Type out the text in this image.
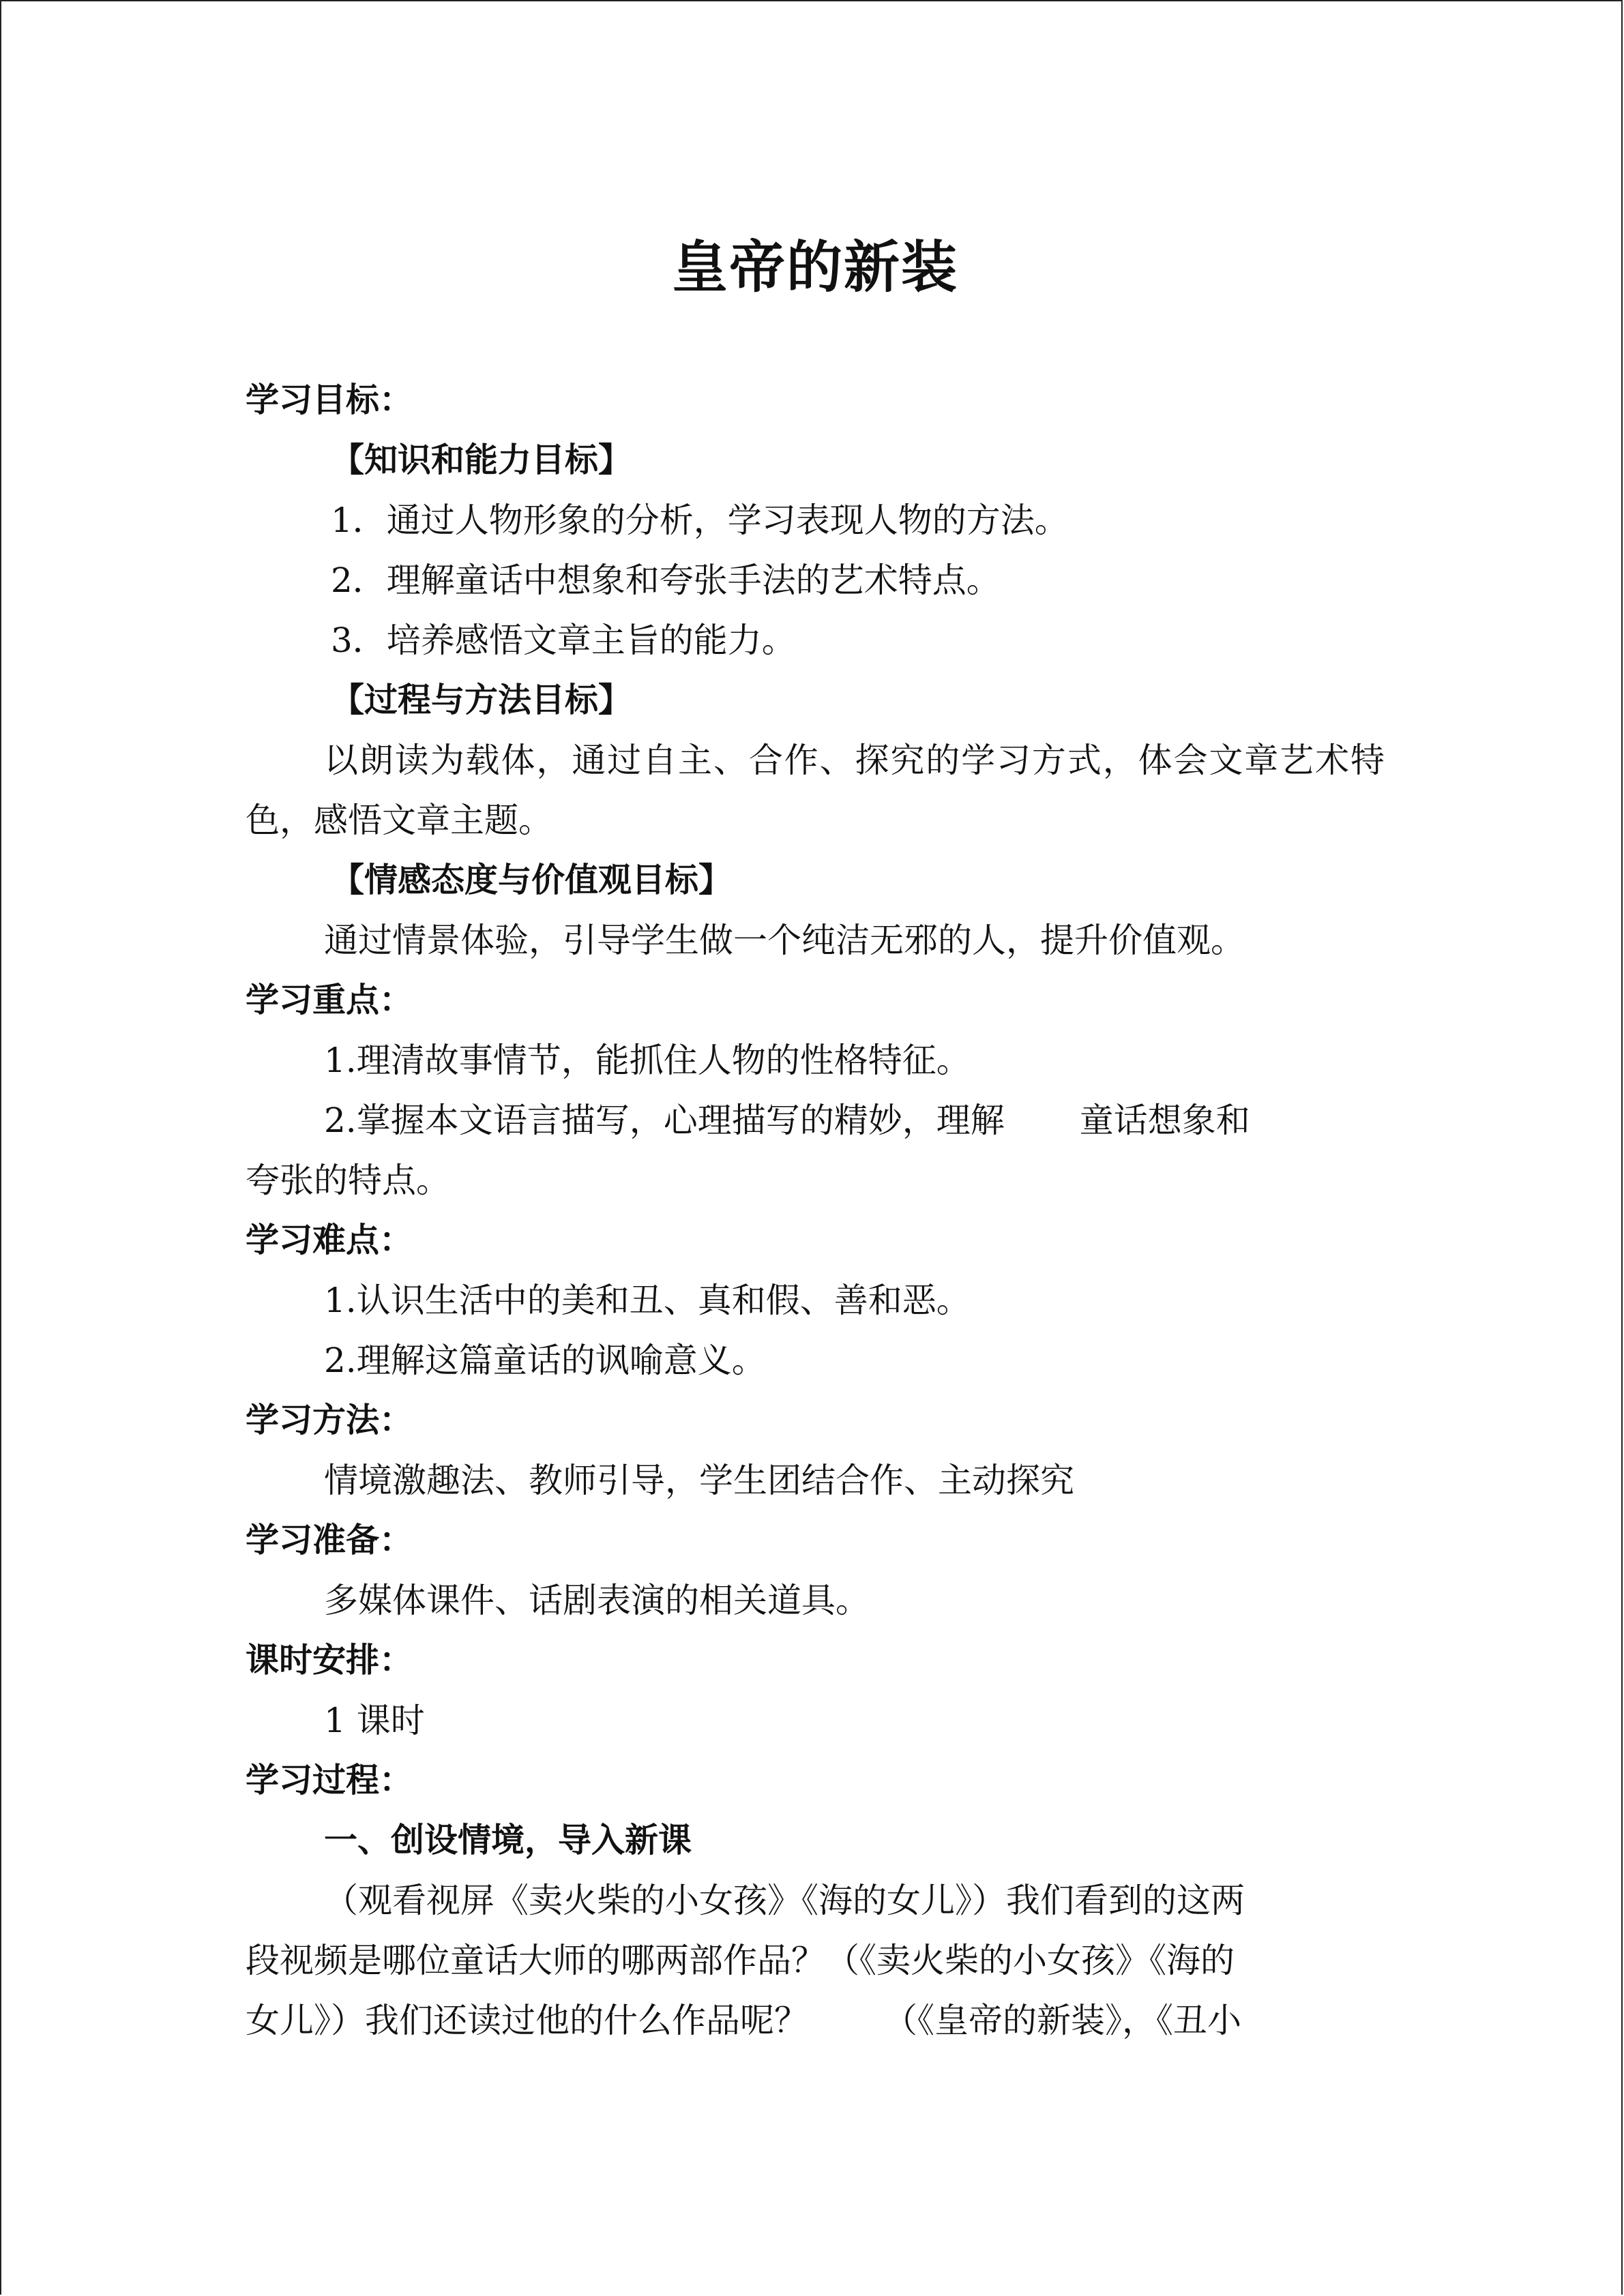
皇帝的新装
学习目标：
【知识和能力目标】
1．通过人物形象的分析，学习表现人物的方法。
2．理解童话中想象和夸张手法的艺术特点。
3．培养感悟文章主旨的能力。
【过程与方法目标】

以朗读为载体，通过自主、合作、探究的学习方式，体会文章艺术特色，感悟文章主题。

【情感态度与价值观目标】
通过情景体验，引导学生做一个纯洁无邪的人，提升价值观。
学习重点：
1.理清故事情节，能抓住人物的性格特征。
2.掌握本文语言描写，心理描写的精妙，理解 童话想象和
夸张的特点。
学习难点：
1.认识生活中的美和丑、真和假、善和恶。
2.理解这篇童话的讽喻意义。
学习方法：
情境激趣法、教师引导，学生团结合作、主动探究
学习准备：
多媒体课件、话剧表演的相关道具。
课时安排：
1 课时
学习过程：
一、创设情境，导入新课
（观看视屏《卖火柴的小女孩》《海的女儿》）我们看到的这两
段视频是哪位童话大师的哪两部作品？（《卖火柴的小女孩》《海的
女儿》）我们还读过他的什么作品呢？ （《皇帝的新装》，《丑小
